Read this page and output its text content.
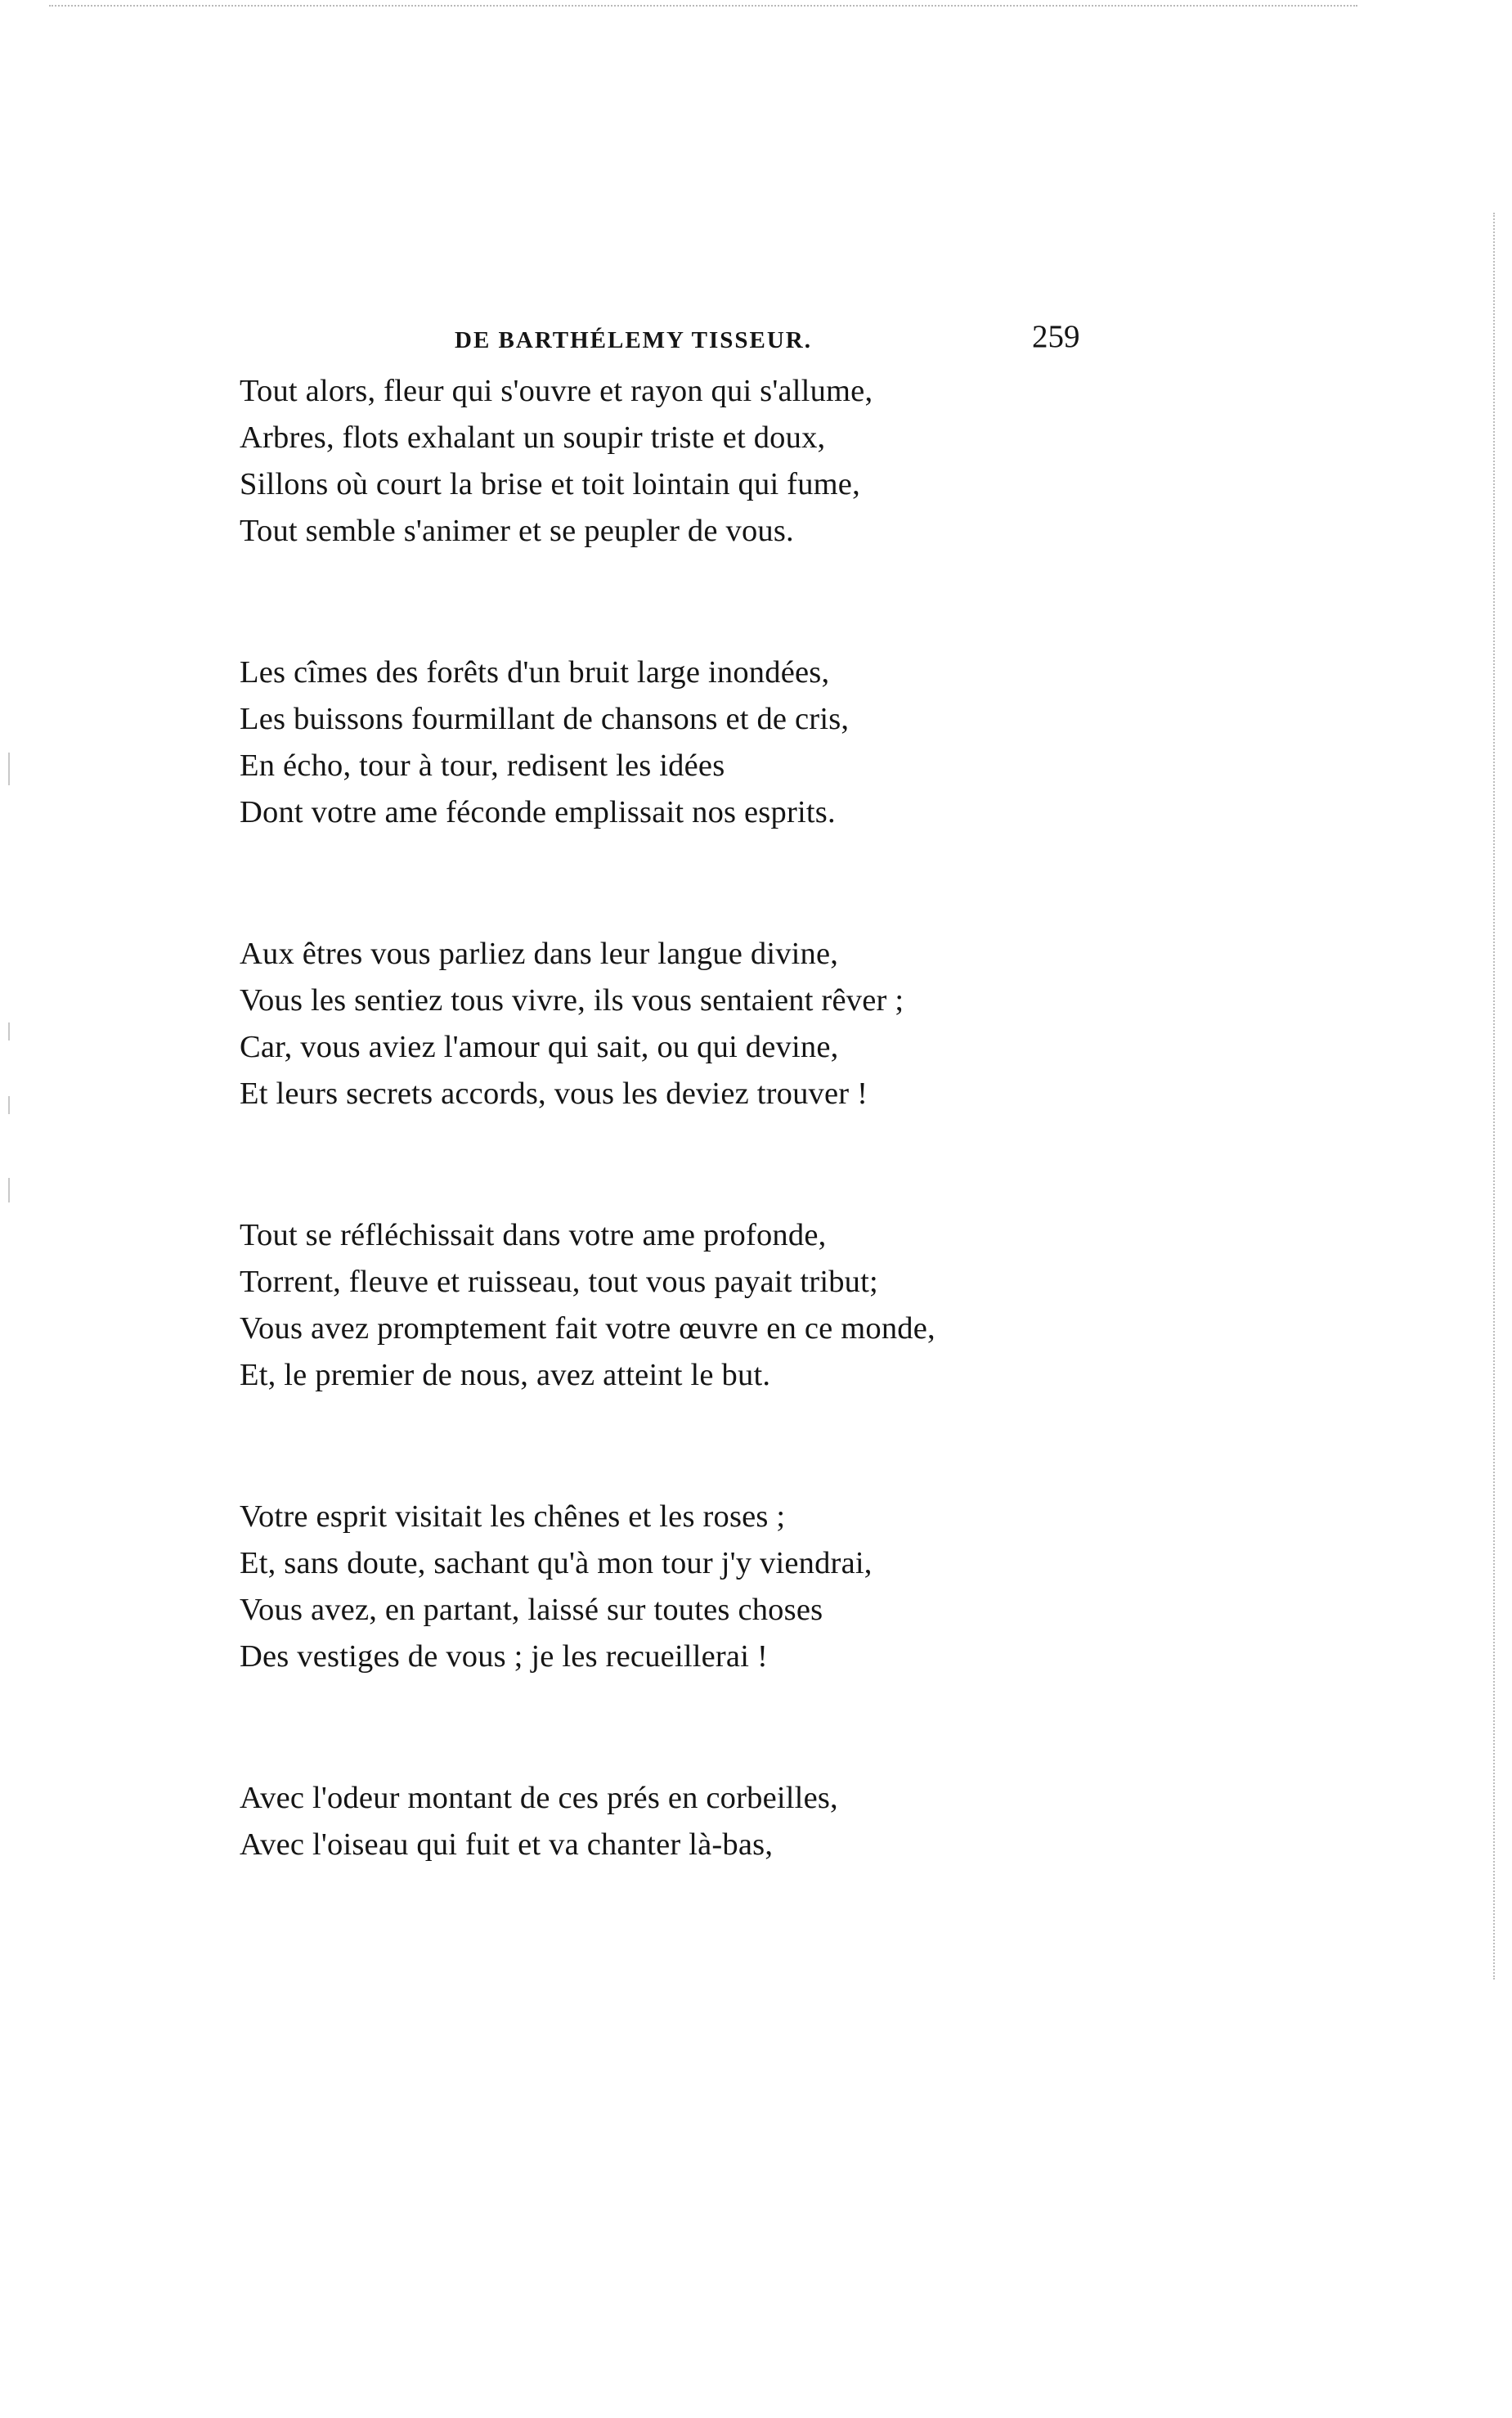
DE BARTHÉLEMY TISSEUR.	259
Tout alors, fleur qui s'ouvre et rayon qui s'allume,
Arbres, flots exhalant un soupir triste et doux,
Sillons où court la brise et toit lointain qui fume,
Tout semble s'animer et se peupler de vous.
Les cîmes des forêts d'un bruit large inondées,
Les buissons fourmillant de chansons et de cris,
En écho, tour à tour, redisent les idées
Dont votre ame féconde emplissait nos esprits.
Aux êtres vous parliez dans leur langue divine,
Vous les sentiez tous vivre, ils vous sentaient rêver ;
Car, vous aviez l'amour qui sait, ou qui devine,
Et leurs secrets accords, vous les deviez trouver !
Tout se réfléchissait dans votre ame profonde,
Torrent, fleuve et ruisseau, tout vous payait tribut;
Vous avez promptement fait votre œuvre en ce monde,
Et, le premier de nous, avez atteint le but.
Votre esprit visitait les chênes et les roses ;
Et, sans doute, sachant qu'à mon tour j'y viendrai,
Vous avez, en partant, laissé sur toutes choses
Des vestiges de vous ; je les recueillerai !
Avec l'odeur montant de ces prés en corbeilles,
Avec l'oiseau qui fuit et va chanter là-bas,
